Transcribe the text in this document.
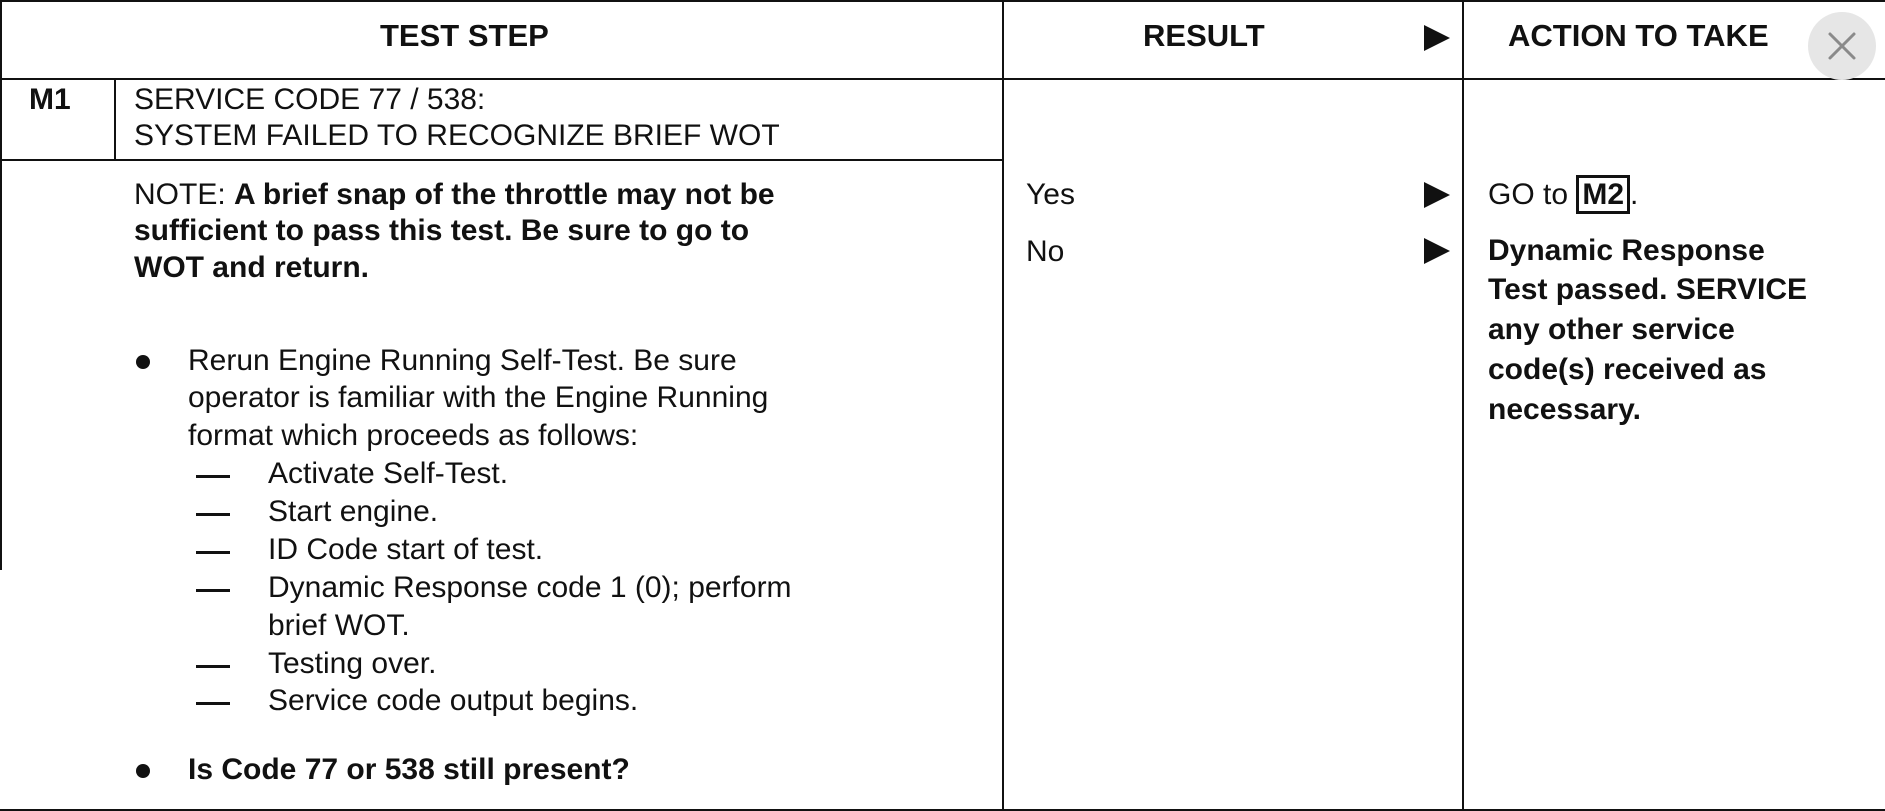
TEST STEP	RESULT	ACTION TO TAKE
M1 SERVICE CODE 77 / 538:
SYSTEM FAILED TO RECOGNIZE BRIEF WOT
NOTE: A brief snap of the throttle may not be
sufficient to pass this test. Be sure to go to
WOT and return.
Rerun Engine Running Self-Test. Be sure
operator is familiar with the Engine Running
format which proceeds as follows:
Activate Self-Test.
Start engine.
ID Code start of test.
Dynamic Response code 1 (0); perform
brief WOT.
Testing over.
Service code output begins.
Is Code 77 or 538 still present?
Yes
No
GO to M2 .
Dynamic Response
Test passed. SERVICE
any other service
code(s) received as
necessary.
